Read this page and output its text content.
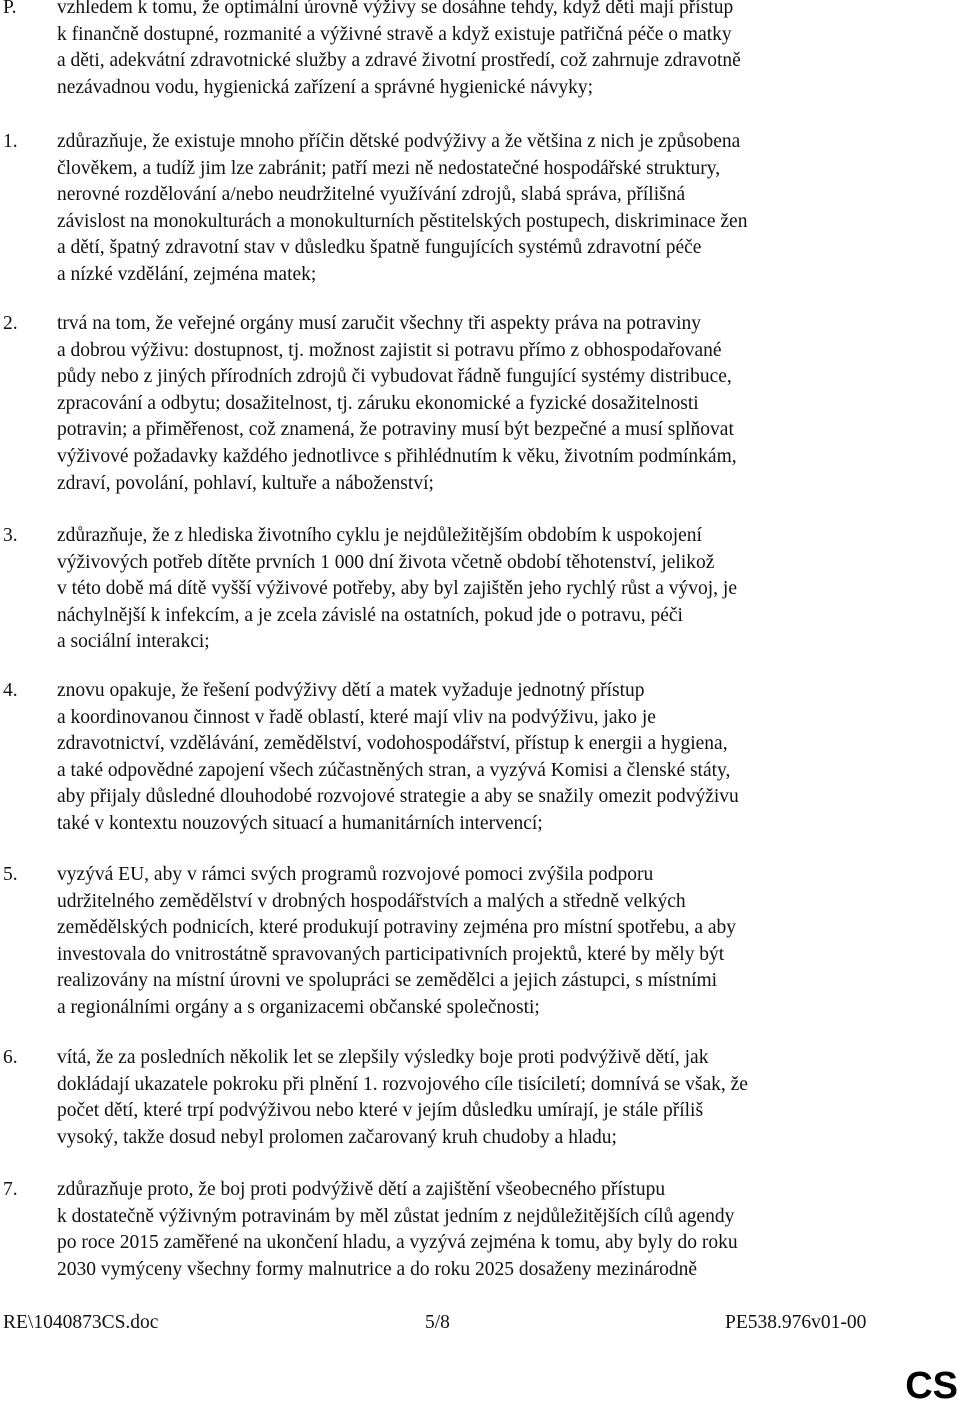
P.	vzhledem k tomu, že optimální úrovně výživy se dosáhne tehdy, když děti mají přístup
k finančně dostupné, rozmanité a výživné stravě a když existuje patřičná péče o matky
a děti, adekvátní zdravotnické služby a zdravé životní prostředí, což zahrnuje zdravotně
nezávadnou vodu, hygienická zařízení a správné hygienické návyky;
1.	zdůrazňuje, že existuje mnoho příčin dětské podvýživy a že většina z nich je způsobena
člověkem, a tudíž jim lze zabránit; patří mezi ně nedostatečné hospodářské struktury,
nerovné rozdělování a/nebo neudržitelné využívání zdrojů, slabá správa, přílišná
závislost na monokulturách a monokulturních pěstitelských postupech, diskriminace žen
a dětí, špatný zdravotní stav v důsledku špatně fungujících systémů zdravotní péče
a nízké vzdělání, zejména matek;
2.	trvá na tom, že veřejné orgány musí zaručit všechny tři aspekty práva na potraviny
a dobrou výživu: dostupnost, tj. možnost zajistit si potravu přímo z obhospodařované
půdy nebo z jiných přírodních zdrojů či vybudovat řádně fungující systémy distribuce,
zpracování a odbytu; dosažitelnost, tj. záruku ekonomické a fyzické dosažitelnosti
potravin; a přiměřenost, což znamená, že potraviny musí být bezpečné a musí splňovat
výživové požadavky každého jednotlivce s přihlédnutím k věku, životním podmínkám,
zdraví, povolání, pohlaví, kultuře a náboženství;
3.	zdůrazňuje, že z hlediska životního cyklu je nejdůležitějším obdobím k uspokojení
výživových potřeb dítěte prvních 1 000 dní života včetně období těhotenství, jelikož
v této době má dítě vyšší výživové potřeby, aby byl zajištěn jeho rychlý růst a vývoj, je
náchylnější k infekcím, a je zcela závislé na ostatních, pokud jde o potravu, péči
a sociální interakci;
4.	znovu opakuje, že řešení podvýživy dětí a matek vyžaduje jednotný přístup
a koordinovanou činnost v řadě oblastí, které mají vliv na podvýživu, jako je
zdravotnictví, vzdělávání, zemědělství, vodohospodářství, přístup k energii a hygiena,
a také odpovědné zapojení všech zúčastněných stran, a vyzývá Komisi a členské státy,
aby přijaly důsledné dlouhodobé rozvojové strategie a aby se snažily omezit podvýživu
také v kontextu nouzových situací a humanitárních intervencí;
5.	vyzývá EU, aby v rámci svých programů rozvojové pomoci zvýšila podporu
udržitelného zemědělství v drobných hospodářstvích a malých a středně velkých
zemědělských podnicích, které produkují potraviny zejména pro místní spotřebu, a aby
investovala do vnitrostátně spravovaných participativních projektů, které by měly být
realizovány na místní úrovni ve spolupráci se zemědělci a jejich zástupci, s místními
a regionálními orgány a s organizacemi občanské společnosti;
6.	vítá, že za posledních několik let se zlepšily výsledky boje proti podvýživě dětí, jak
dokládají ukazatele pokroku při plnění 1. rozvojového cíle tisíciletí; domnívá se však, že
počet dětí, které trpí podvýživou nebo které v jejím důsledku umírají, je stále příliš
vysoký, takže dosud nebyl prolomen začarovaný kruh chudoby a hladu;
7.	zdůrazňuje proto, že boj proti podvýživě dětí a zajištění všeobecného přístupu
k dostatečně výživným potravinám by měl zůstat jedním z nejdůležitějších cílů agendy
po roce 2015 zaměřené na ukončení hladu, a vyzývá zejména k tomu, aby byly do roku
2030 vymýceny všechny formy malnutrice a do roku 2025 dosaženy mezinárodně
RE\1040873CS.doc	5/8	PE538.976v01-00
CS
